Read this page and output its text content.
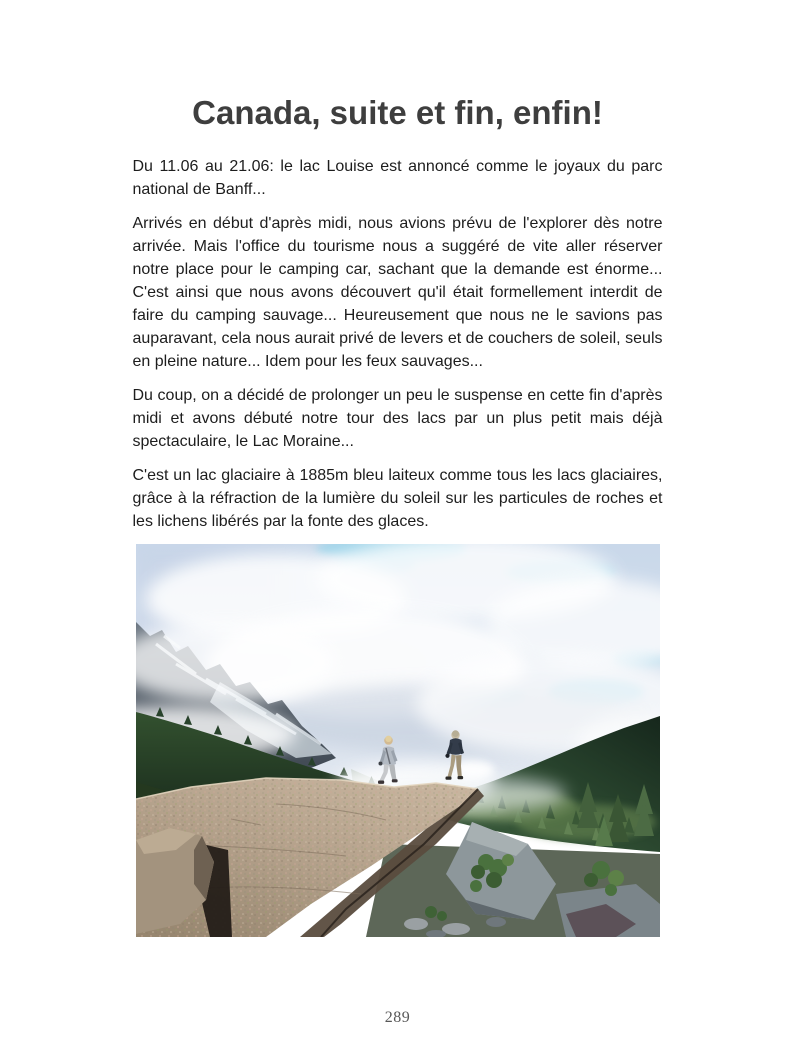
Canada, suite et fin, enfin!

Du 11.06 au 21.06: le lac Louise est annoncé comme le joyaux du parc national de Banff...

Arrivés en début d'après midi, nous avions prévu de l'explorer dès notre arrivée. Mais l'office du tourisme nous a suggéré de vite aller réserver notre place pour le camping car, sachant que la demande est énorme... C'est ainsi que nous avons découvert qu'il était formellement interdit de faire du camping sauvage... Heureusement que nous ne le savions pas auparavant, cela nous aurait privé de levers et de couchers de soleil, seuls en pleine nature... Idem pour les feux sauvages...

Du coup, on a décidé de prolonger un peu le suspense en cette fin d'après midi et avons débuté notre tour des lacs par un plus petit mais déjà spectaculaire, le Lac Moraine...

C'est un lac glaciaire à 1885m bleu laiteux comme tous les lacs glaciaires, grâce à la réfraction de la lumière du soleil sur les particules de roches et les lichens libérés par la fonte des glaces.

289
